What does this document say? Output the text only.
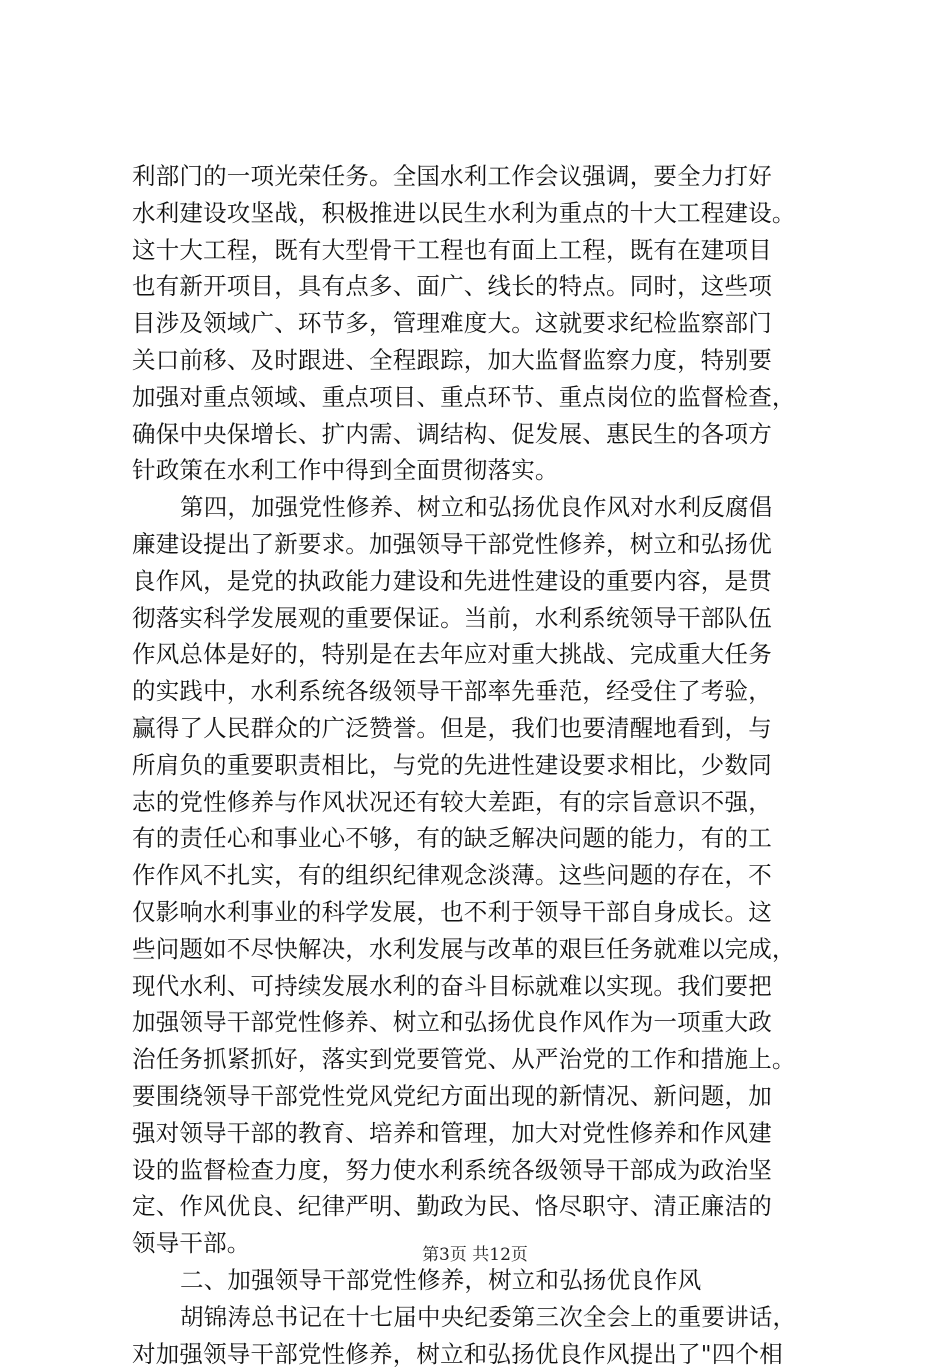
利部门的一项光荣任务。全国水利工作会议强调，要全力打好
水利建设攻坚战，积极推进以民生水利为重点的十大工程建设。
这十大工程，既有大型骨干工程也有面上工程，既有在建项目
也有新开项目，具有点多、面广、线长的特点。同时，这些项
目涉及领域广、环节多，管理难度大。这就要求纪检监察部门
关口前移、及时跟进、全程跟踪，加大监督监察力度，特别要
加强对重点领域、重点项目、重点环节、重点岗位的监督检查，
确保中央保增长、扩内需、调结构、促发展、惠民生的各项方
针政策在水利工作中得到全面贯彻落实。
第四，加强党性修养、树立和弘扬优良作风对水利反腐倡
廉建设提出了新要求。加强领导干部党性修养，树立和弘扬优
良作风，是党的执政能力建设和先进性建设的重要内容，是贯
彻落实科学发展观的重要保证。当前，水利系统领导干部队伍
作风总体是好的，特别是在去年应对重大挑战、完成重大任务
的实践中，水利系统各级领导干部率先垂范，经受住了考验，
赢得了人民群众的广泛赞誉。但是，我们也要清醒地看到，与
所肩负的重要职责相比，与党的先进性建设要求相比，少数同
志的党性修养与作风状况还有较大差距，有的宗旨意识不强，
有的责任心和事业心不够，有的缺乏解决问题的能力，有的工
作作风不扎实，有的组织纪律观念淡薄。这些问题的存在，不
仅影响水利事业的科学发展，也不利于领导干部自身成长。这
些问题如不尽快解决，水利发展与改革的艰巨任务就难以完成，
现代水利、可持续发展水利的奋斗目标就难以实现。我们要把
加强领导干部党性修养、树立和弘扬优良作风作为一项重大政
治任务抓紧抓好，落实到党要管党、从严治党的工作和措施上。
要围绕领导干部党性党风党纪方面出现的新情况、新问题，加
强对领导干部的教育、培养和管理，加大对党性修养和作风建
设的监督检查力度，努力使水利系统各级领导干部成为政治坚
定、作风优良、纪律严明、勤政为民、恪尽职守、清正廉洁的
领导干部。
二、加强领导干部党性修养，树立和弘扬优良作风
胡锦涛总书记在十七届中央纪委第三次全会上的重要讲话，
对加强领导干部党性修养，树立和弘扬优良作风提出了"四个相
第3页 共12页
